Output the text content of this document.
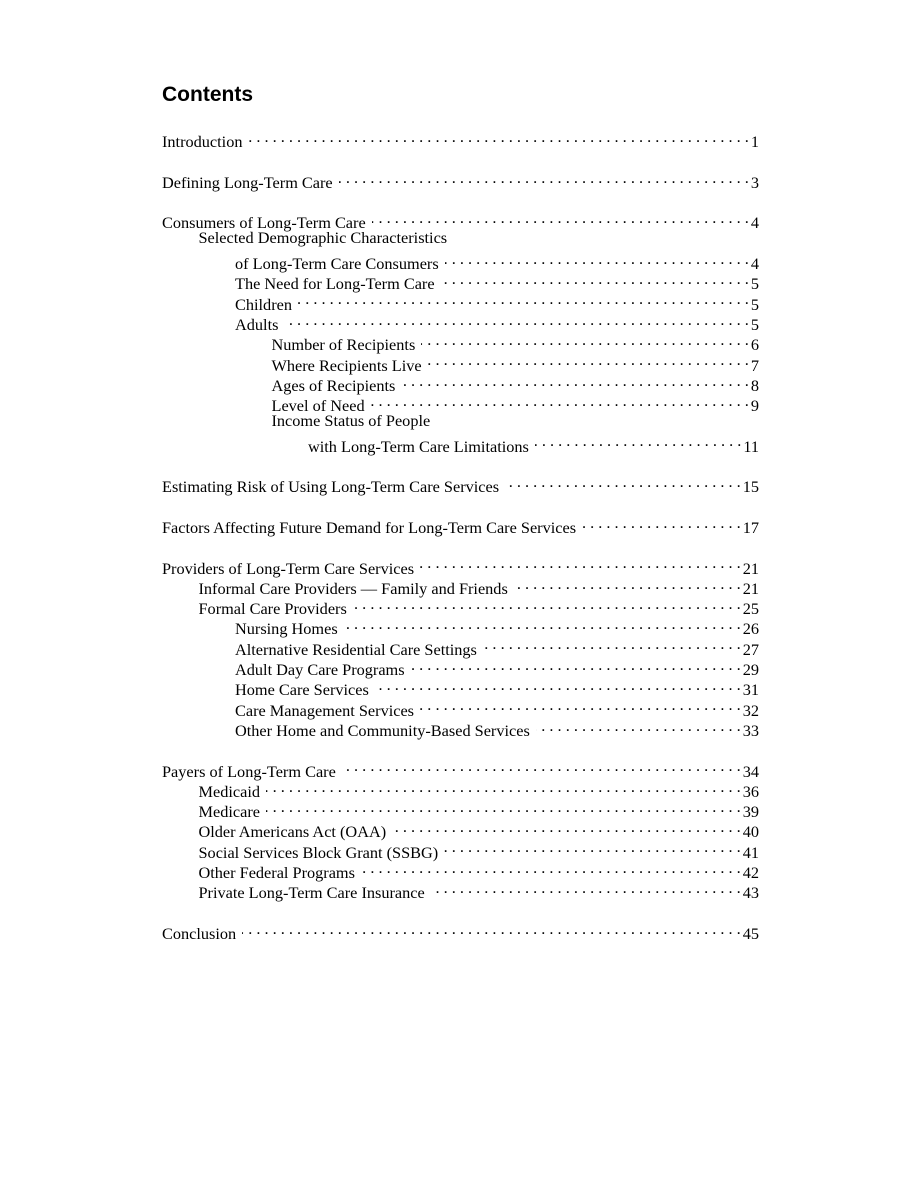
Contents
Introduction . . .	1
Defining Long-Term Care . . .	3
Consumers of Long-Term Care . . .	4
Selected Demographic Characteristics
of Long-Term Care Consumers . . .	4
The Need for Long-Term Care . . .	5
Children . . .	5
Adults . . .	5
Number of Recipients . . .	6
Where Recipients Live . . .	7
Ages of Recipients . . .	8
Level of Need . . .	9
Income Status of People
with Long-Term Care Limitations . . .	11
Estimating Risk of Using Long-Term Care Services . . .	15
Factors Affecting Future Demand for Long-Term Care Services . . .	17
Providers of Long-Term Care Services . . .	21
Informal Care Providers — Family and Friends . . .	21
Formal Care Providers . . .	25
Nursing Homes . . .	26
Alternative Residential Care Settings . . .	27
Adult Day Care Programs . . .	29
Home Care Services . . .	31
Care Management Services . . .	32
Other Home and Community-Based Services . . .	33
Payers of Long-Term Care . . .	34
Medicaid . . .	36
Medicare . . .	39
Older Americans Act (OAA) . . .	40
Social Services Block Grant (SSBG) . . .	41
Other Federal Programs . . .	42
Private Long-Term Care Insurance . . .	43
Conclusion . . .	45
